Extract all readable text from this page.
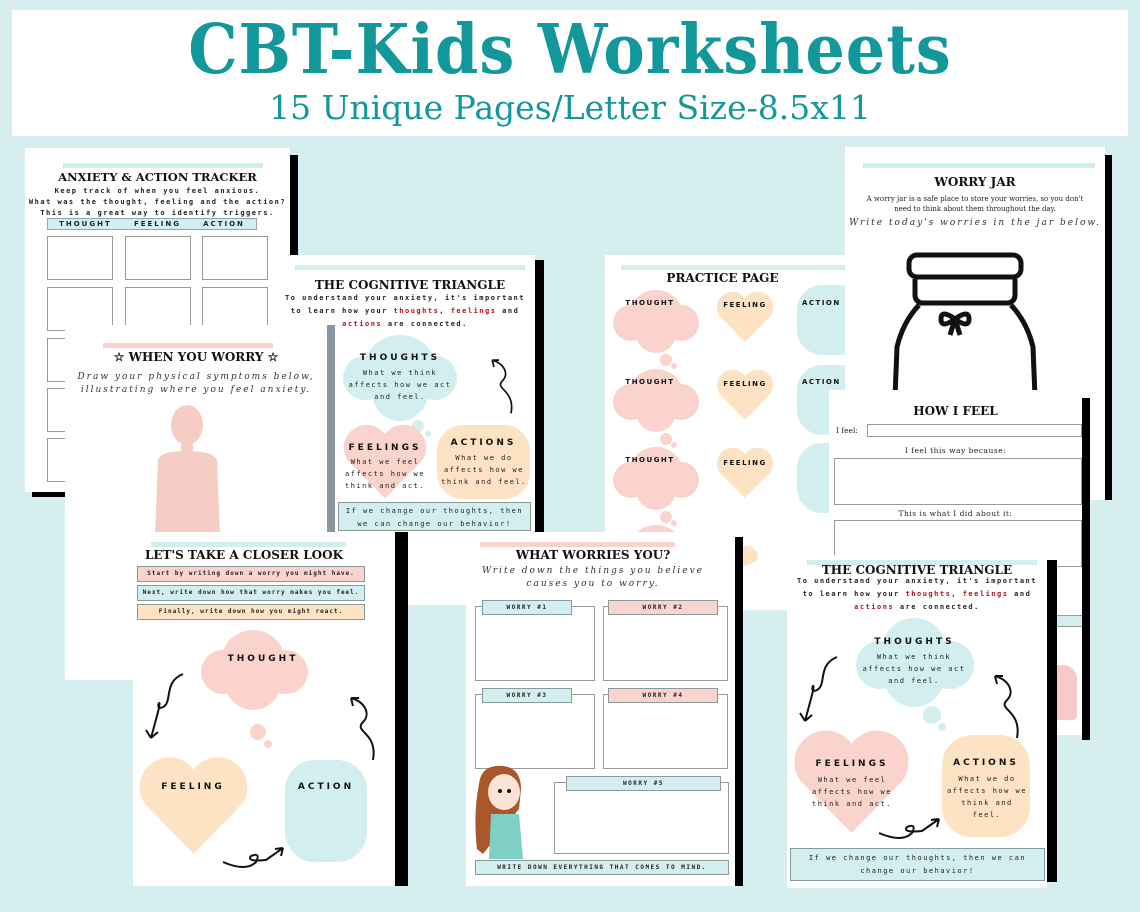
CBT-Kids Worksheets
15 Unique Pages/Letter Size-8.5x11
ANXIETY & ACTION TRACKER
Keep track of when you feel anxious.
What was the thought, feeling and the action?
This is a great way to identify triggers.
THOUGHT	FEELING	ACTION
THE COGNITIVE TRIANGLE
To understand your anxiety, it's important
to learn how your thoughts, feelings and
actions are connected.
THOUGHTS
What we think affects how we act and feel.
FEELINGS
What we feel affects how we think and act.
ACTIONS
What we do affects how we think and feel.
If we change our thoughts, then we can change our behavior!
☆ WHEN YOU WORRY ☆
Draw your physical symptoms below,
illustrating where you feel anxiety.
PRACTICE PAGE
THOUGHT	FEELING	ACTION
THOUGHT	FEELING	ACTION
THOUGHT	FEELING
WORRY JAR
A worry jar is a safe place to store your worries, so you don't need to think about them throughout the day.
Write today's worries in the jar below.
HOW I FEEL
I feel:
I feel this way because:
This is what I did about it:
LET'S TAKE A CLOSER LOOK
Start by writing down a worry you might have.
Next, write down how that worry makes you feel.
Finally, write down how you might react.
THOUGHT
FEELING	ACTION
WHAT WORRIES YOU?
Write down the things you believe
causes you to worry.
WORRY #1	WORRY #2
WORRY #3	WORRY #4
WORRY #5
WRITE DOWN EVERYTHING THAT COMES TO MIND.
THE COGNITIVE TRIANGLE
To understand your anxiety, it's important
to learn how your thoughts, feelings and
actions are connected.
THOUGHTS
What we think affects how we act and feel.
FEELINGS
What we feel affects how we think and act.
ACTIONS
What we do affects how we think and feel.
If we change our thoughts, then we can change our behavior!
